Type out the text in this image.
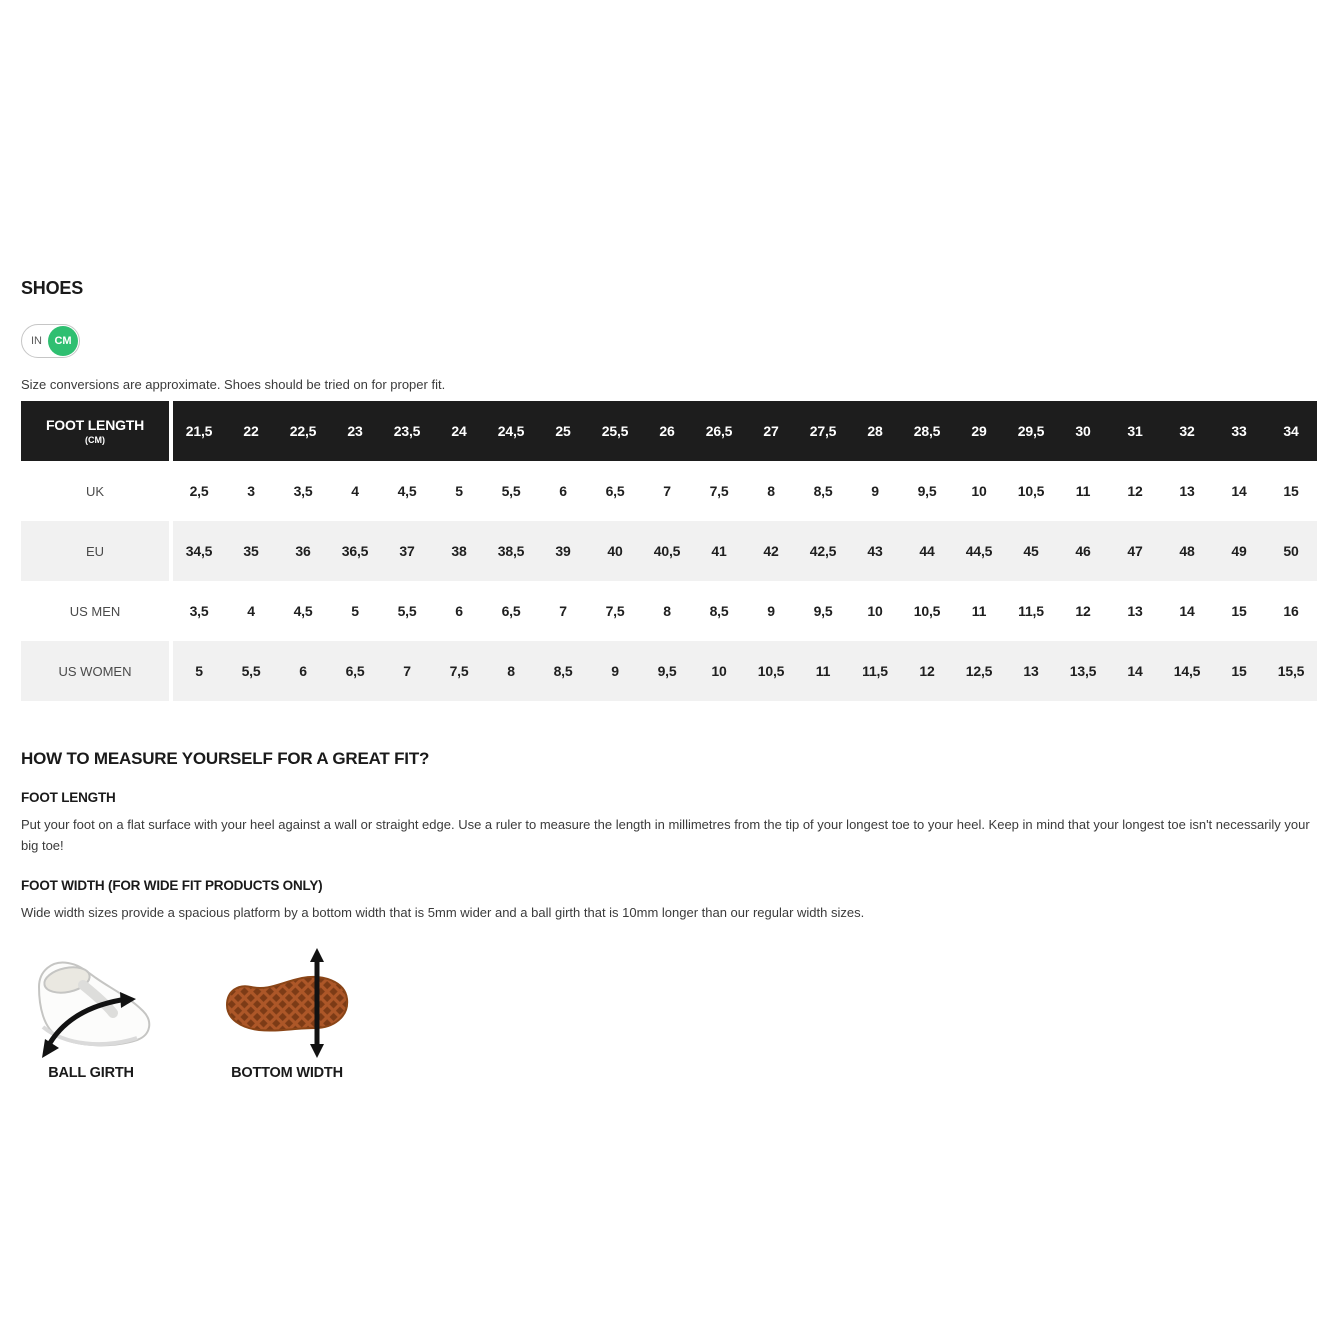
SHOES
IN	CM

Size conversions are approximate. Shoes should be tried on for proper fit.

FOOT LENGTH
(CM)
21,5	22	22,5	23	23,5	24	24,5	25	25,5	26	26,5	27	27,5	28	28,5	29	29,5	30	31	32	33	34
UK	2,5	3	3,5	4	4,5	5	5,5	6	6,5	7	7,5	8	8,5	9	9,5	10	10,5	11	12	13	14	15
EU	34,5	35	36	36,5	37	38	38,5	39	40	40,5	41	42	42,5	43	44	44,5	45	46	47	48	49	50
US MEN	3,5	4	4,5	5	5,5	6	6,5	7	7,5	8	8,5	9	9,5	10	10,5	11	11,5	12	13	14	15	16
US WOMEN	5	5,5	6	6,5	7	7,5	8	8,5	9	9,5	10	10,5	11	11,5	12	12,5	13	13,5	14	14,5	15	15,5
HOW TO MEASURE YOURSELF FOR A GREAT FIT?
FOOT LENGTH

Put your foot on a flat surface with your heel against a wall or straight edge. Use a ruler to measure the length in millimetres from the tip of your longest toe to your heel. Keep in mind that your longest toe isn't necessarily your big toe!

FOOT WIDTH (FOR WIDE FIT PRODUCTS ONLY)

Wide width sizes provide a spacious platform by a bottom width that is 5mm wider and a ball girth that is 10mm longer than our regular width sizes.

BALL GIRTH	BOTTOM WIDTH
